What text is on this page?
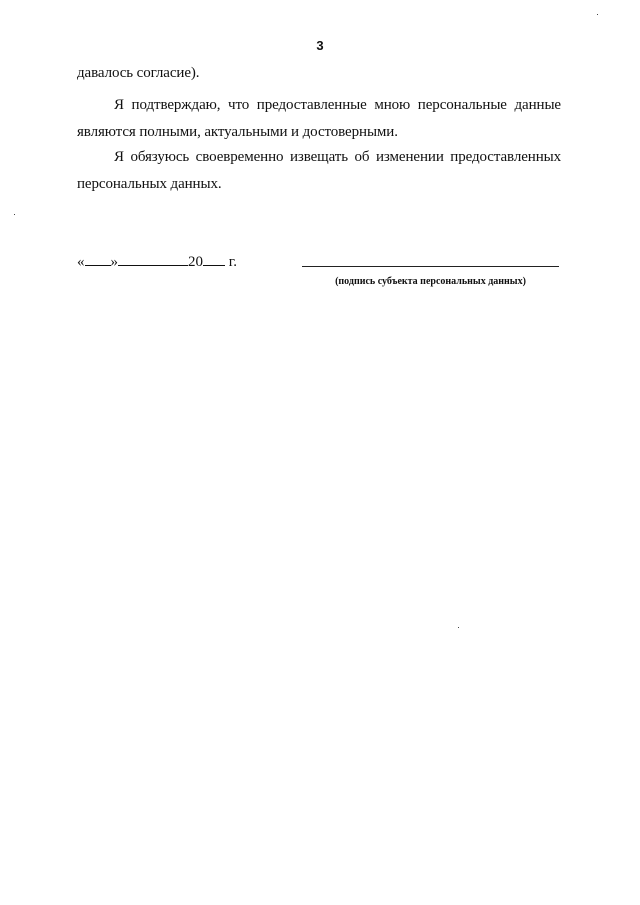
3
давалось согласие).
Я подтверждаю, что предоставленные мною персональные данные являются полными, актуальными и достоверными.
Я обязуюсь своевременно извещать об изменении предоставленных персональных данных.
« »	20 г.
(подпись субъекта персональных данных)
